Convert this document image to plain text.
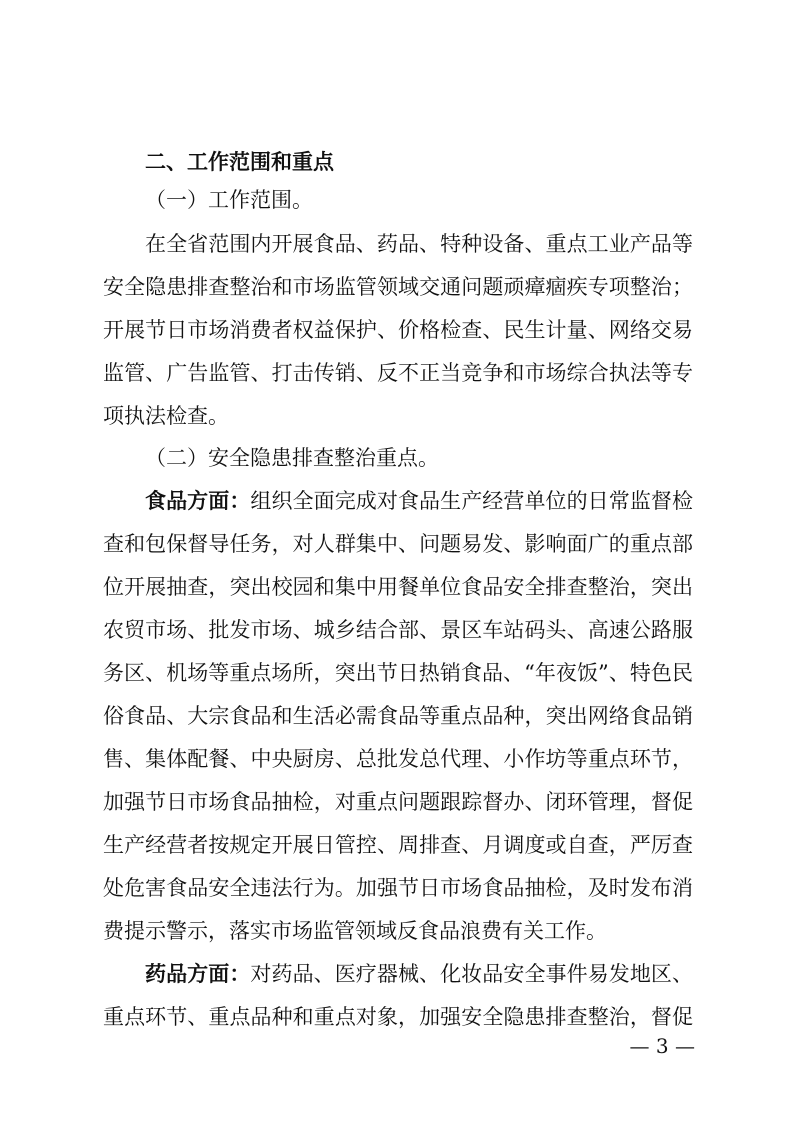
二、工作范围和重点
（一）工作范围。
在全省范围内开展食品、药品、特种设备、重点工业产品等
安全隐患排查整治和市场监管领域交通问题顽瘴痼疾专项整治；
开展节日市场消费者权益保护、价格检查、民生计量、网络交易
监管、广告监管、打击传销、反不正当竞争和市场综合执法等专
项执法检查。
（二）安全隐患排查整治重点。
食品方面：组织全面完成对食品生产经营单位的日常监督检
查和包保督导任务，对人群集中、问题易发、影响面广的重点部
位开展抽查，突出校园和集中用餐单位食品安全排查整治，突出
农贸市场、批发市场、城乡结合部、景区车站码头、高速公路服
务区、机场等重点场所，突出节日热销食品、“年夜饭”、特色民
俗食品、大宗食品和生活必需食品等重点品种，突出网络食品销
售、集体配餐、中央厨房、总批发总代理、小作坊等重点环节，
加强节日市场食品抽检，对重点问题跟踪督办、闭环管理，督促
生产经营者按规定开展日管控、周排查、月调度或自查，严厉查
处危害食品安全违法行为。加强节日市场食品抽检，及时发布消
费提示警示，落实市场监管领域反食品浪费有关工作。
药品方面：对药品、医疗器械、化妆品安全事件易发地区、
重点环节、重点品种和重点对象，加强安全隐患排查整治，督促
— 3 —
